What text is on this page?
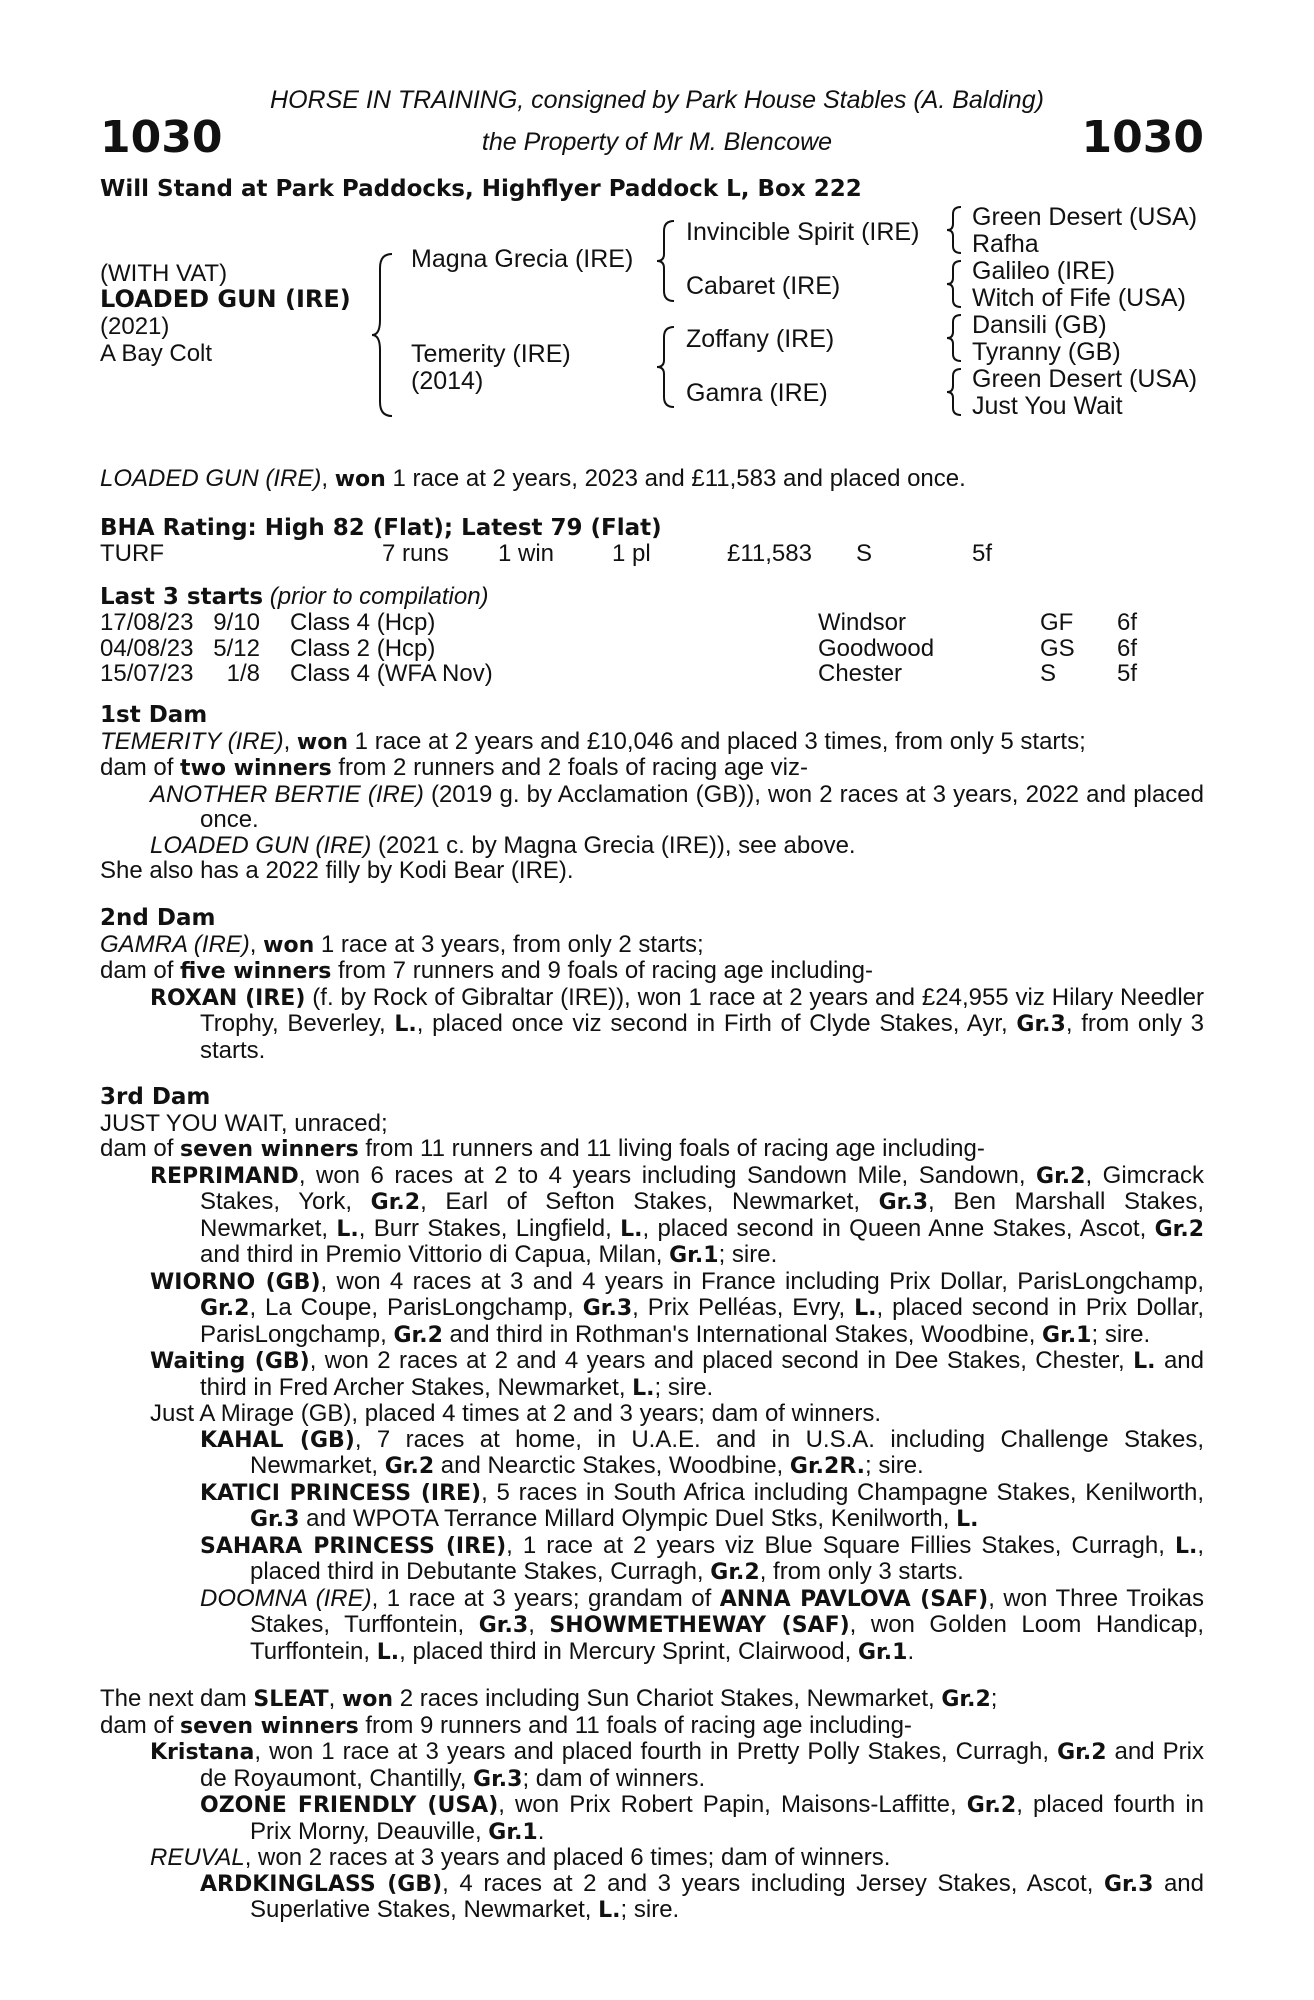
1030	1030
HORSE IN TRAINING, consigned by Park House Stables (A. Balding)
the Property of Mr M. Blencowe
Will Stand at Park Paddocks, Highflyer Paddock L, Box 222
(WITH VAT)
LOADED GUN (IRE)
(2021)
A Bay Colt
Magna Grecia (IRE)
Temerity (IRE)
(2014)
Invincible Spirit (IRE)
Cabaret (IRE)
Zoffany (IRE)
Gamra (IRE)
Green Desert (USA)
Rafha
Galileo (IRE)
Witch of Fife (USA)
Dansili (GB)
Tyranny (GB)
Green Desert (USA)
Just You Wait
LOADED GUN (IRE), won 1 race at 2 years, 2023 and £11,583 and placed once.
BHA Rating: High 82 (Flat); Latest 79 (Flat)
TURF	7 runs 1 win 1 pl	£11,583 S	5f
Last 3 starts (prior to compilation)
17/08/23 9/10 Class 4 (Hcp)	Windsor	GF 6f
04/08/23 5/12 Class 2 (Hcp)	Goodwood	GS 6f
15/07/23	1/8 Class 4 (WFA Nov)	Chester	S	5f

1st Dam

TEMERITY (IRE), won 1 race at 2 years and £10,046 and placed 3 times, from only 5 starts;

dam of two winners from 2 runners and 2 foals of racing age viz-

ANOTHER BERTIE (IRE) (2019 g. by Acclamation (GB)), won 2 races at 3 years, 2022 and placed once.

LOADED GUN (IRE) (2021 c. by Magna Grecia (IRE)), see above.

She also has a 2022 filly by Kodi Bear (IRE).

2nd Dam

GAMRA (IRE), won 1 race at 3 years, from only 2 starts;

dam of five winners from 7 runners and 9 foals of racing age including-

ROXAN (IRE) (f. by Rock of Gibraltar (IRE)), won 1 race at 2 years and £24,955 viz Hilary Needler Trophy, Beverley, L., placed once viz second in Firth of Clyde Stakes, Ayr, Gr.3, from only 3 starts.

3rd Dam

JUST YOU WAIT, unraced;

dam of seven winners from 11 runners and 11 living foals of racing age including-

REPRIMAND, won 6 races at 2 to 4 years including Sandown Mile, Sandown, Gr.2, Gimcrack Stakes, York, Gr.2, Earl of Sefton Stakes, Newmarket, Gr.3, Ben Marshall Stakes, Newmarket, L., Burr Stakes, Lingfield, L., placed second in Queen Anne Stakes, Ascot, Gr.2 and third in Premio Vittorio di Capua, Milan, Gr.1; sire.

WIORNO (GB), won 4 races at 3 and 4 years in France including Prix Dollar, ParisLongchamp, Gr.2, La Coupe, ParisLongchamp, Gr.3, Prix Pelléas, Evry, L., placed second in Prix Dollar, ParisLongchamp, Gr.2 and third in Rothman's International Stakes, Woodbine, Gr.1; sire.

Waiting (GB), won 2 races at 2 and 4 years and placed second in Dee Stakes, Chester, L. and third in Fred Archer Stakes, Newmarket, L.; sire.

Just A Mirage (GB), placed 4 times at 2 and 3 years; dam of winners.

KAHAL (GB), 7 races at home, in U.A.E. and in U.S.A. including Challenge Stakes, Newmarket, Gr.2 and Nearctic Stakes, Woodbine, Gr.2R.; sire.

KATICI PRINCESS (IRE), 5 races in South Africa including Champagne Stakes, Kenilworth, Gr.3 and WPOTA Terrance Millard Olympic Duel Stks, Kenilworth, L.

SAHARA PRINCESS (IRE), 1 race at 2 years viz Blue Square Fillies Stakes, Curragh, L., placed third in Debutante Stakes, Curragh, Gr.2, from only 3 starts.

DOOMNA (IRE), 1 race at 3 years; grandam of ANNA PAVLOVA (SAF), won Three Troikas Stakes, Turffontein, Gr.3, SHOWMETHEWAY (SAF), won Golden Loom Handicap, Turffontein, L., placed third in Mercury Sprint, Clairwood, Gr.1.

The next dam SLEAT, won 2 races including Sun Chariot Stakes, Newmarket, Gr.2;

dam of seven winners from 9 runners and 11 foals of racing age including-

Kristana, won 1 race at 3 years and placed fourth in Pretty Polly Stakes, Curragh, Gr.2 and Prix de Royaumont, Chantilly, Gr.3; dam of winners.

OZONE FRIENDLY (USA), won Prix Robert Papin, Maisons-Laffitte, Gr.2, placed fourth in Prix Morny, Deauville, Gr.1.

REUVAL, won 2 races at 3 years and placed 6 times; dam of winners.

ARDKINGLASS (GB), 4 races at 2 and 3 years including Jersey Stakes, Ascot, Gr.3 and Superlative Stakes, Newmarket, L.; sire.
